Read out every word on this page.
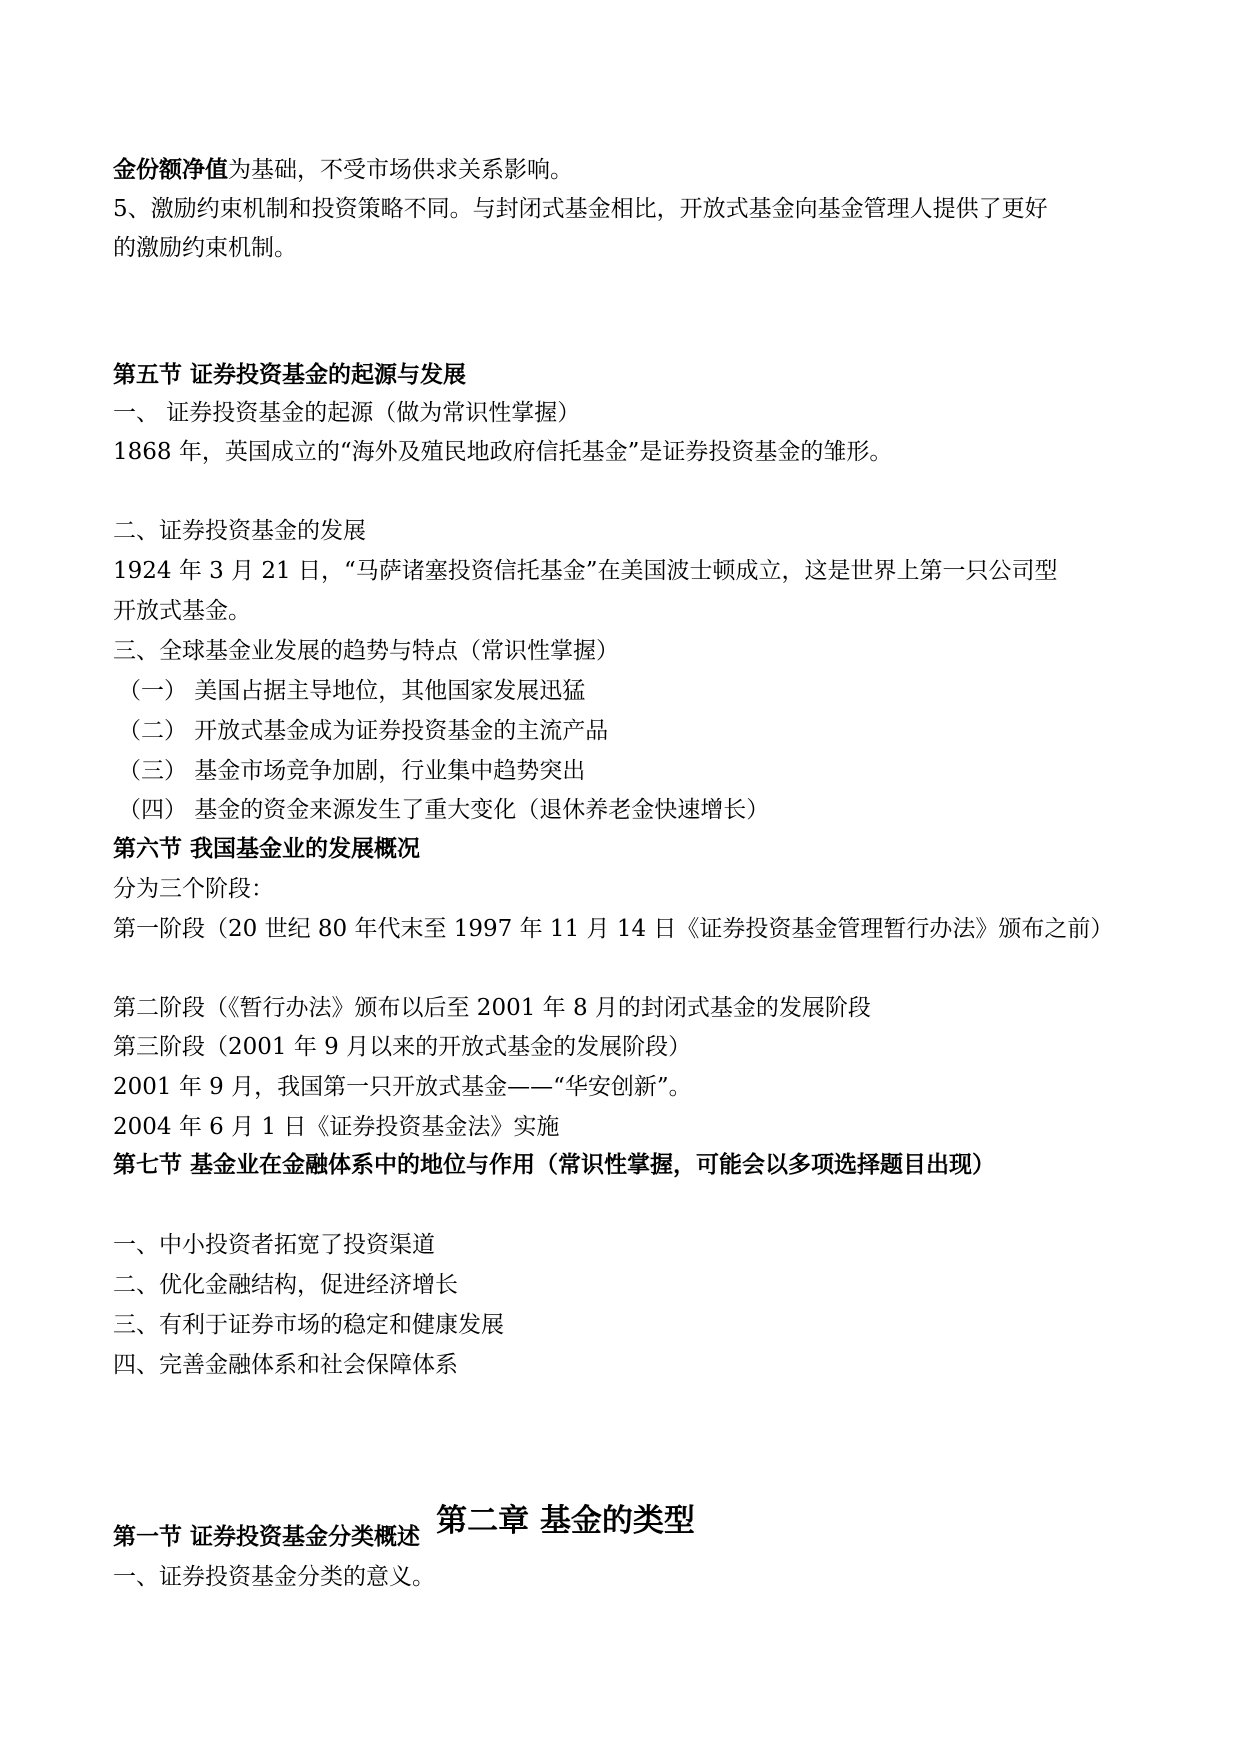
金份额净值为基础，不受市场供求关系影响。

5、激励约束机制和投资策略不同。与封闭式基金相比，开放式基金向基金管理人提供了更好

的激励约束机制。

第五节 证券投资基金的起源与发展

一、 证券投资基金的起源（做为常识性掌握）

1868 年，英国成立的“海外及殖民地政府信托基金”是证券投资基金的雏形。

二、证券投资基金的发展

1924 年 3 月 21 日，“马萨诸塞投资信托基金”在美国波士顿成立，这是世界上第一只公司型

开放式基金。

三、全球基金业发展的趋势与特点（常识性掌握）

（一） 美国占据主导地位，其他国家发展迅猛

（二） 开放式基金成为证券投资基金的主流产品

（三） 基金市场竞争加剧，行业集中趋势突出

（四） 基金的资金来源发生了重大变化（退休养老金快速增长）

第六节 我国基金业的发展概况

分为三个阶段：

第一阶段（20 世纪 80 年代末至 1997 年 11 月 14 日《证券投资基金管理暂行办法》颁布之前）

第二阶段（《暂行办法》颁布以后至 2001 年 8 月的封闭式基金的发展阶段

第三阶段（2001 年 9 月以来的开放式基金的发展阶段）

2001 年 9 月，我国第一只开放式基金——“华安创新”。

2004 年 6 月 1 日《证券投资基金法》实施

第七节 基金业在金融体系中的地位与作用（常识性掌握，可能会以多项选择题目出现）

一、中小投资者拓宽了投资渠道

二、优化金融结构，促进经济增长

三、有利于证券市场的稳定和健康发展

四、完善金融体系和社会保障体系

第二章 基金的类型

第一节 证券投资基金分类概述

一、证券投资基金分类的意义。
